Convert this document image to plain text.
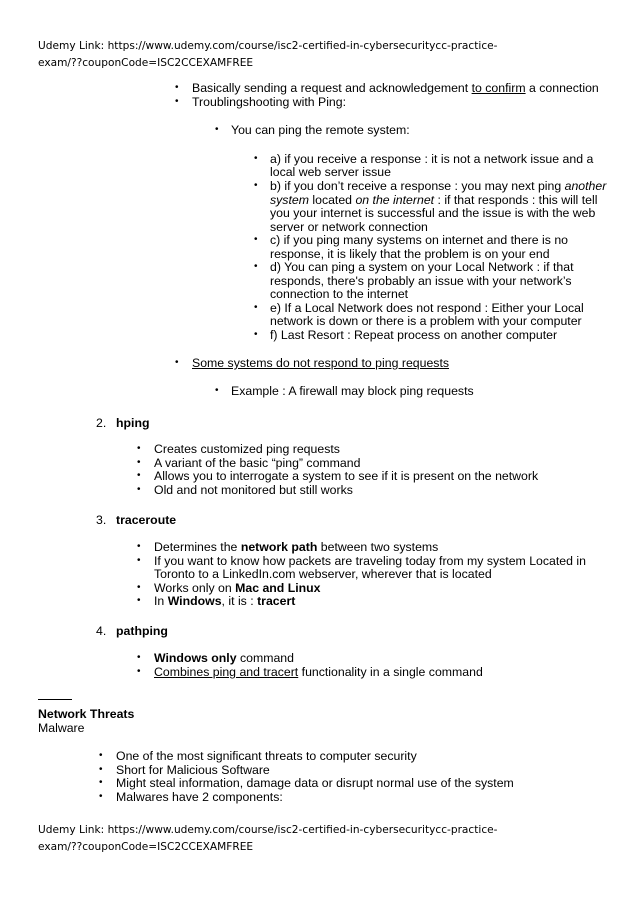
Udemy Link: https://www.udemy.com/course/isc2-certified-in-cybersecuritycc-practice-
exam/??couponCode=ISC2CCEXAMFREE
• Basically sending a request and acknowledgement to confirm a connection
• Troublingshooting with Ping:
• You can ping the remote system:
• a) if you receive a response : it is not a network issue and a
local web server issue
• b) if you don’t receive a response : you may next ping another
system located on the internet : if that responds : this will tell
you your internet is successful and the issue is with the web
server or network connection
• c) if you ping many systems on internet and there is no
response, it is likely that the problem is on your end
• d) You can ping a system on your Local Network : if that
responds, there's probably an issue with your network’s
connection to the internet
• e) If a Local Network does not respond : Either your Local
network is down or there is a problem with your computer
• f) Last Resort : Repeat process on another computer
• Some systems do not respond to ping requests
• Example : A firewall may block ping requests
2. hping
• Creates customized ping requests
• A variant of the basic “ping” command
• Allows you to interrogate a system to see if it is present on the network
• Old and not monitored but still works
3. traceroute
• Determines the network path between two systems
• If you want to know how packets are traveling today from my system Located in
Toronto to a LinkedIn.com webserver, wherever that is located
• Works only on Mac and Linux
• In Windows, it is : tracert
4. pathping
• Windows only command
• Combines ping and tracert functionality in a single command
Network Threats
Malware
• One of the most significant threats to computer security
• Short for Malicious Software
• Might steal information, damage data or disrupt normal use of the system
• Malwares have 2 components:
Udemy Link: https://www.udemy.com/course/isc2-certified-in-cybersecuritycc-practice-
exam/??couponCode=ISC2CCEXAMFREE
